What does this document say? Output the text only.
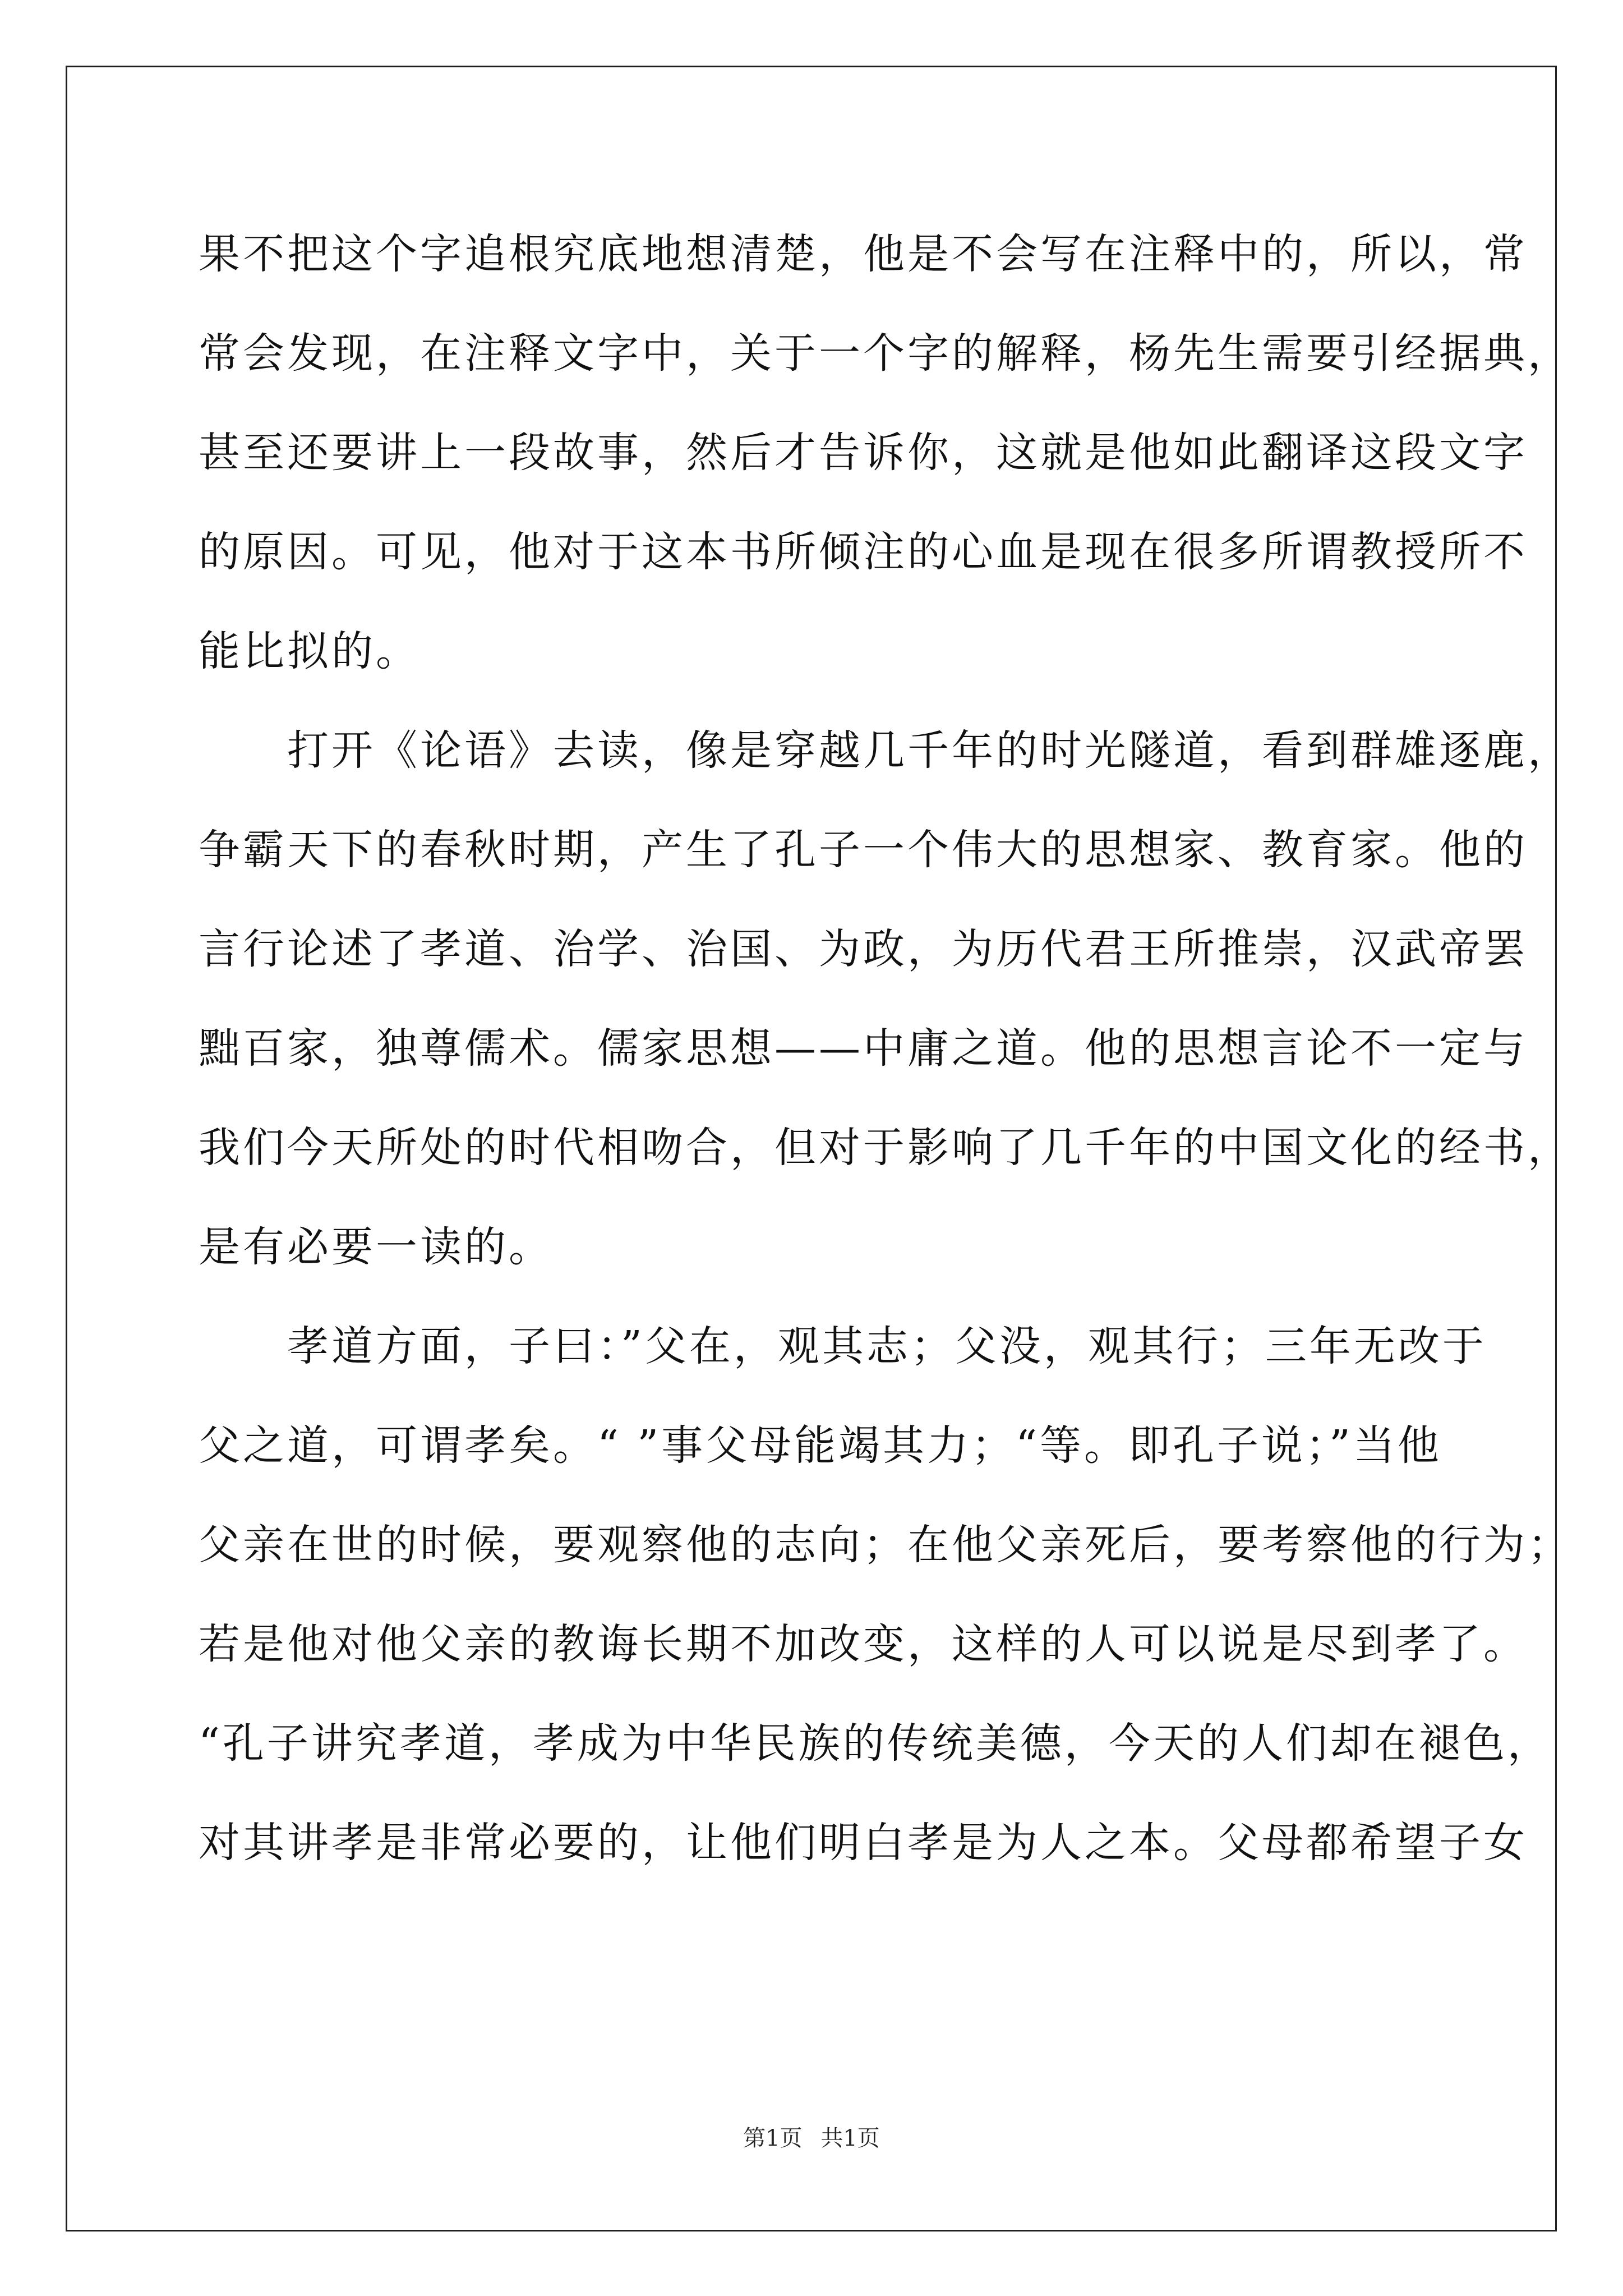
果不把这个字追根究底地想清楚，他是不会写在注释中的，所以，常
常会发现，在注释文字中，关于一个字的解释，杨先生需要引经据典，
甚至还要讲上一段故事，然后才告诉你，这就是他如此翻译这段文字
的原因。可见，他对于这本书所倾注的心血是现在很多所谓教授所不
能比拟的。
　　打开《论语》去读，像是穿越几千年的时光隧道，看到群雄逐鹿，
争霸天下的春秋时期，产生了孔子一个伟大的思想家、教育家。他的
言行论述了孝道、治学、治国、为政，为历代君王所推崇，汉武帝罢
黜百家，独尊儒术。儒家思想——中庸之道。他的思想言论不一定与
我们今天所处的时代相吻合，但对于影响了几千年的中国文化的经书，
是有必要一读的。
　　孝道方面，子曰：”父在，观其志；父没，观其行；三年无改于
父之道，可谓孝矣。“ ”事父母能竭其力；“等。即孔子说；”当他
父亲在世的时候，要观察他的志向；在他父亲死后，要考察他的行为；
若是他对他父亲的教诲长期不加改变，这样的人可以说是尽到孝了。
“孔子讲究孝道，孝成为中华民族的传统美德，今天的人们却在褪色，
对其讲孝是非常必要的，让他们明白孝是为人之本。父母都希望子女
第1页 共1页
